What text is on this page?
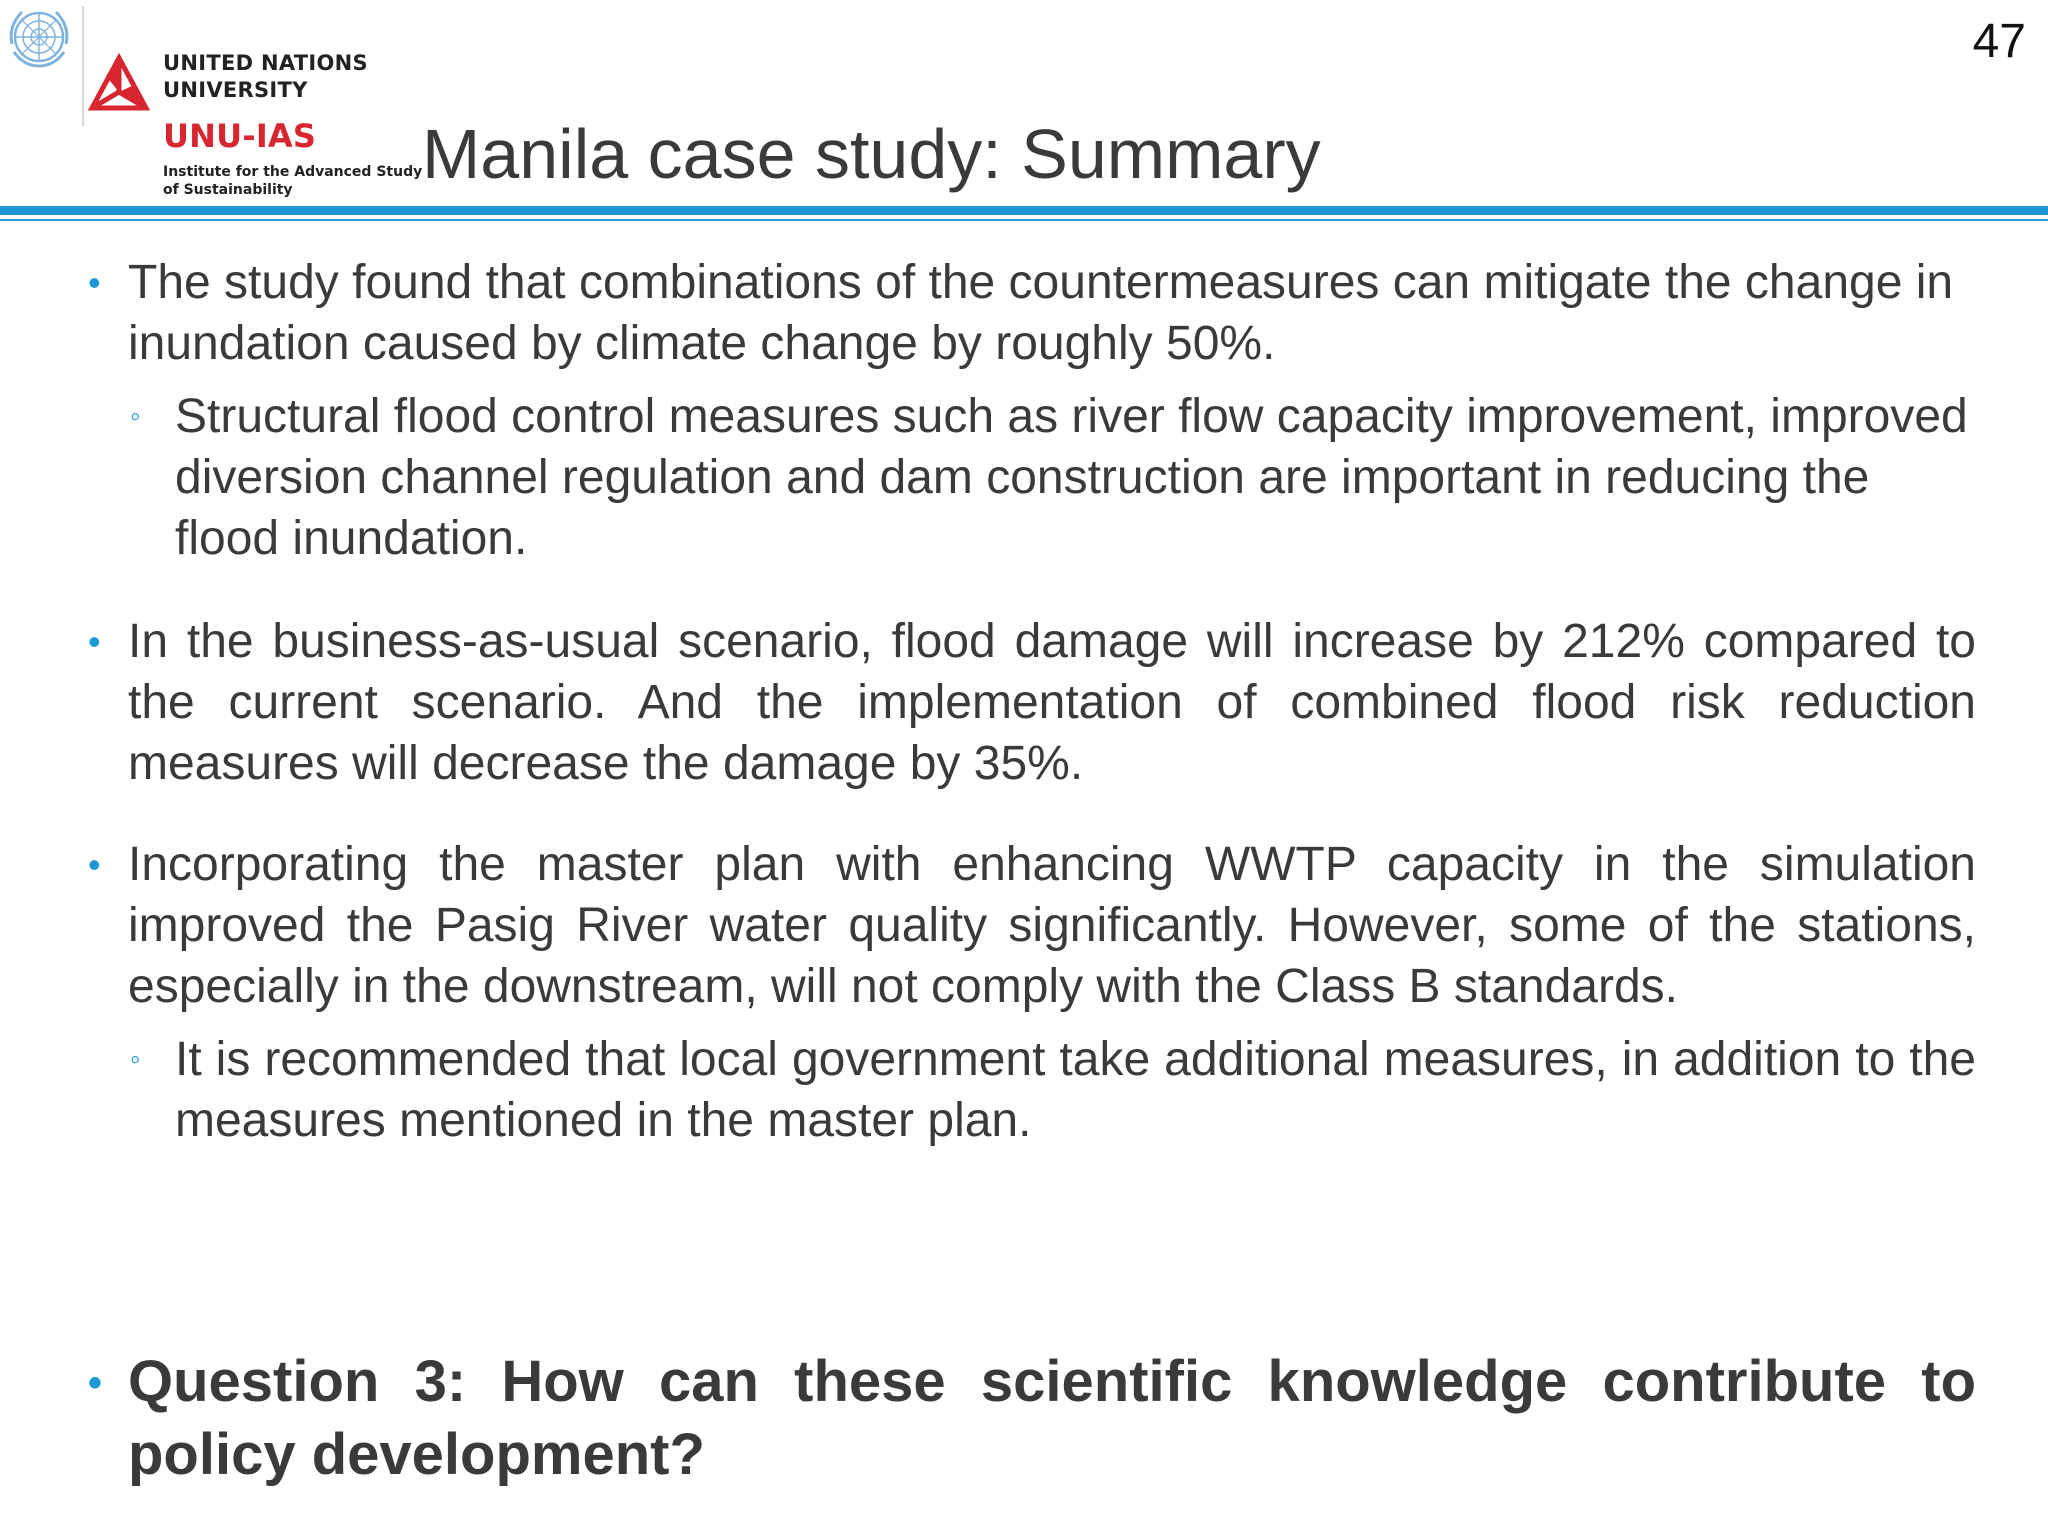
UNITED NATIONS
UNIVERSITY
UNU-IAS
Institute for the Advanced Study
of Sustainability
47
Manila case study: Summary
• The study found that combinations of the countermeasures can mitigate the change in inundation caused by climate change by roughly 50%.
◦ Structural flood control measures such as river flow capacity improvement, improved diversion channel regulation and dam construction are important in reducing the flood inundation.
• In the business-as-usual scenario, flood damage will increase by 212% compared to the current scenario. And the implementation of combined flood risk reduction measures will decrease the damage by 35%.
• Incorporating the master plan with enhancing WWTP capacity in the simulation improved the Pasig River water quality significantly. However, some of the stations, especially in the downstream, will not comply with the Class B standards.
◦ It is recommended that local government take additional measures, in addition to the measures mentioned in the master plan.
• Question 3: How can these scientific knowledge contribute to policy development?
